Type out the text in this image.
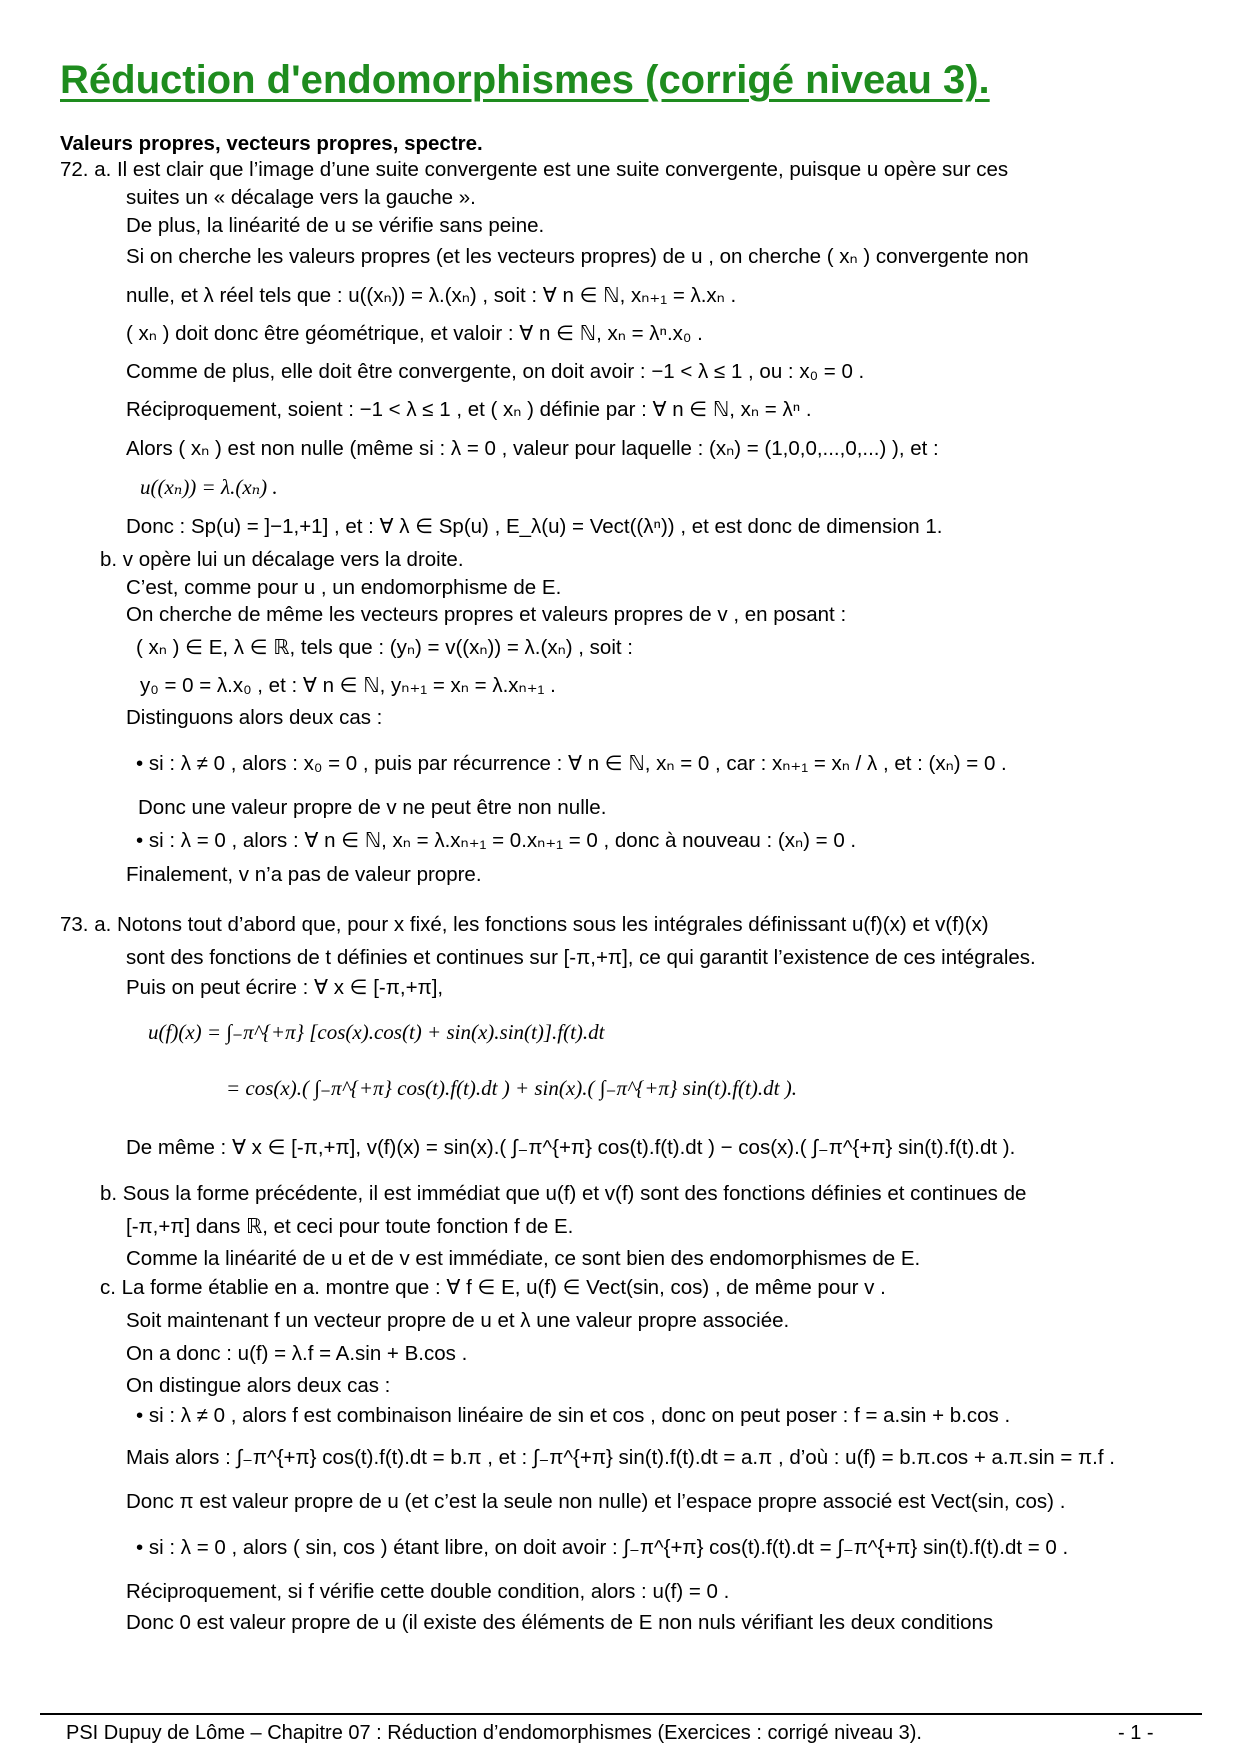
Réduction d'endomorphismes (corrigé niveau 3).
Valeurs propres, vecteurs propres, spectre.
72. a. Il est clair que l’image d’une suite convergente est une suite convergente, puisque u opère sur ces
suites un « décalage vers la gauche ».
De plus, la linéarité de u se vérifie sans peine.
Si on cherche les valeurs propres (et les vecteurs propres) de u , on cherche ( xₙ ) convergente non
nulle, et λ réel tels que : u((xₙ)) = λ.(xₙ) , soit : ∀ n ∈ ℕ, xₙ₊₁ = λ.xₙ .
( xₙ ) doit donc être géométrique, et valoir : ∀ n ∈ ℕ, xₙ = λⁿ.x₀ .
Comme de plus, elle doit être convergente, on doit avoir : −1 < λ ≤ 1 , ou : x₀ = 0 .
Réciproquement, soient : −1 < λ ≤ 1 , et ( xₙ ) définie par : ∀ n ∈ ℕ, xₙ = λⁿ .
Alors ( xₙ ) est non nulle (même si : λ = 0 , valeur pour laquelle : (xₙ) = (1,0,0,...,0,...) ), et :
u((xₙ)) = λ.(xₙ) .
Donc : Sp(u) = ]−1,+1] , et : ∀ λ ∈ Sp(u) , E_λ(u) = Vect((λⁿ)) , et est donc de dimension 1.
b. v opère lui un décalage vers la droite.
C’est, comme pour u , un endomorphisme de E.
On cherche de même les vecteurs propres et valeurs propres de v , en posant :
( xₙ ) ∈ E, λ ∈ ℝ, tels que : (yₙ) = v((xₙ)) = λ.(xₙ) , soit :
y₀ = 0 = λ.x₀ , et : ∀ n ∈ ℕ, yₙ₊₁ = xₙ = λ.xₙ₊₁ .
Distinguons alors deux cas :
• si : λ ≠ 0 , alors : x₀ = 0 , puis par récurrence : ∀ n ∈ ℕ, xₙ = 0 , car : xₙ₊₁ = xₙ / λ , et : (xₙ) = 0 .
Donc une valeur propre de v ne peut être non nulle.
• si : λ = 0 , alors : ∀ n ∈ ℕ, xₙ = λ.xₙ₊₁ = 0.xₙ₊₁ = 0 , donc à nouveau : (xₙ) = 0 .
Finalement, v n’a pas de valeur propre.
73. a. Notons tout d’abord que, pour x fixé, les fonctions sous les intégrales définissant u(f)(x) et v(f)(x)
sont des fonctions de t définies et continues sur [-π,+π], ce qui garantit l’existence de ces intégrales.
Puis on peut écrire : ∀ x ∈ [-π,+π],
u(f)(x) = ∫₋π^{+π} [cos(x).cos(t) + sin(x).sin(t)].f(t).dt
= cos(x).( ∫₋π^{+π} cos(t).f(t).dt ) + sin(x).( ∫₋π^{+π} sin(t).f(t).dt ).
De même : ∀ x ∈ [-π,+π], v(f)(x) = sin(x).( ∫₋π^{+π} cos(t).f(t).dt ) − cos(x).( ∫₋π^{+π} sin(t).f(t).dt ).
b. Sous la forme précédente, il est immédiat que u(f) et v(f) sont des fonctions définies et continues de
[-π,+π] dans ℝ, et ceci pour toute fonction f de E.
Comme la linéarité de u et de v est immédiate, ce sont bien des endomorphismes de E.
c. La forme établie en a. montre que : ∀ f ∈ E, u(f) ∈ Vect(sin, cos) , de même pour v .
Soit maintenant f un vecteur propre de u et λ une valeur propre associée.
On a donc : u(f) = λ.f = A.sin + B.cos .
On distingue alors deux cas :
• si : λ ≠ 0 , alors f est combinaison linéaire de sin et cos , donc on peut poser : f = a.sin + b.cos .
Mais alors : ∫₋π^{+π} cos(t).f(t).dt = b.π , et : ∫₋π^{+π} sin(t).f(t).dt = a.π , d’où : u(f) = b.π.cos + a.π.sin = π.f .
Donc π est valeur propre de u (et c’est la seule non nulle) et l’espace propre associé est Vect(sin, cos) .
• si : λ = 0 , alors ( sin, cos ) étant libre, on doit avoir : ∫₋π^{+π} cos(t).f(t).dt = ∫₋π^{+π} sin(t).f(t).dt = 0 .
Réciproquement, si f vérifie cette double condition, alors : u(f) = 0 .
Donc 0 est valeur propre de u (il existe des éléments de E non nuls vérifiant les deux conditions
PSI Dupuy de Lôme – Chapitre 07 : Réduction d’endomorphismes (Exercices : corrigé niveau 3).	- 1 -
